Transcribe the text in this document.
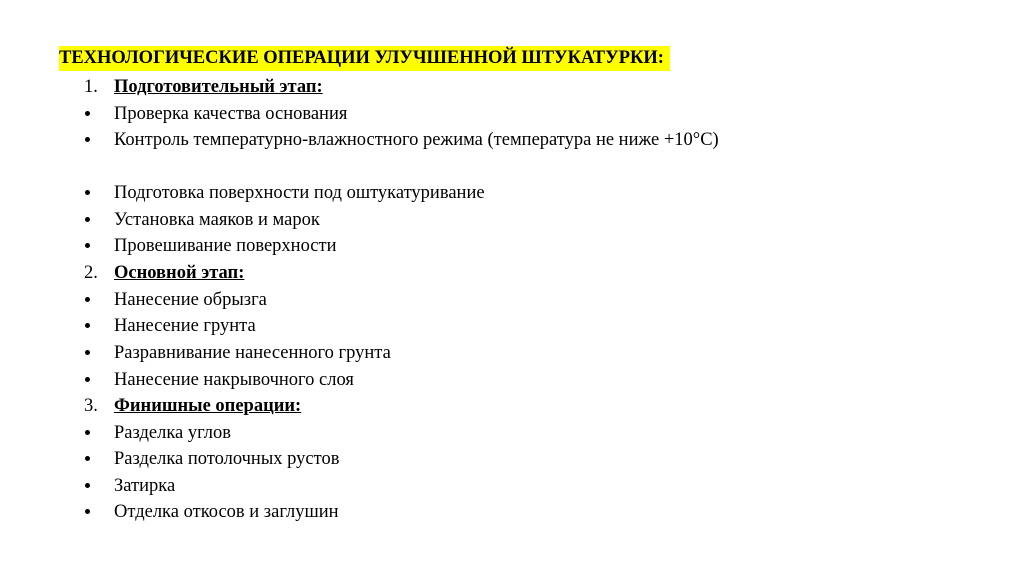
ТЕХНОЛОГИЧЕСКИЕ ОПЕРАЦИИ УЛУЧШЕННОЙ ШТУКАТУРКИ:
1. Подготовительный этап:
Проверка качества основания
Контроль температурно-влажностного режима (температура не ниже +10°С)
Подготовка поверхности под оштукатуривание
Установка маяков и марок
Провешивание поверхности
2. Основной этап:
Нанесение обрызга
Нанесение грунта
Разравнивание нанесенного грунта
Нанесение накрывочного слоя
3. Финишные операции:
Разделка углов
Разделка потолочных рустов
Затирка
Отделка откосов и заглушин
